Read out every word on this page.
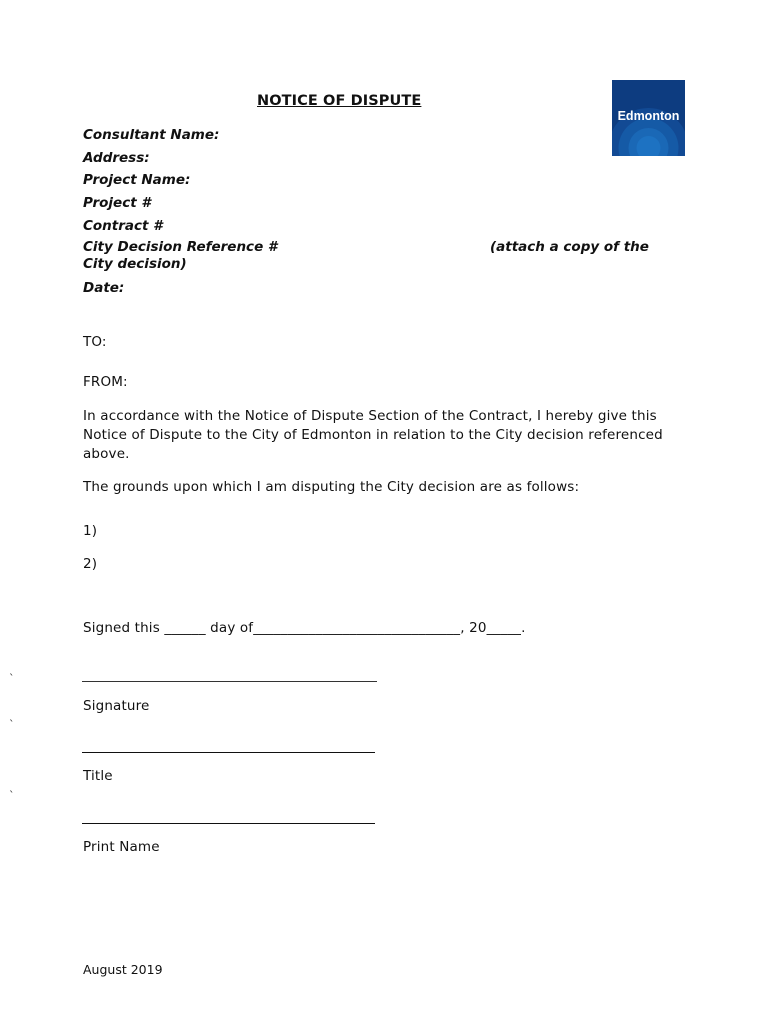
NOTICE OF DISPUTE
Edmonton
Consultant Name:
Address:
Project Name:
Project #
Contract #
City Decision Reference #	(attach a copy of the
City decision)
Date:
TO:
FROM:
In accordance with the Notice of Dispute Section of the Contract, I hereby give this
Notice of Dispute to the City of Edmonton in relation to the City decision referenced
above.
The grounds upon which I am disputing the City decision are as follows:
1)
2)
Signed this ______ day of______________________________, 20_____.
`
Signature
`
Title
`
Print Name
August 2019
